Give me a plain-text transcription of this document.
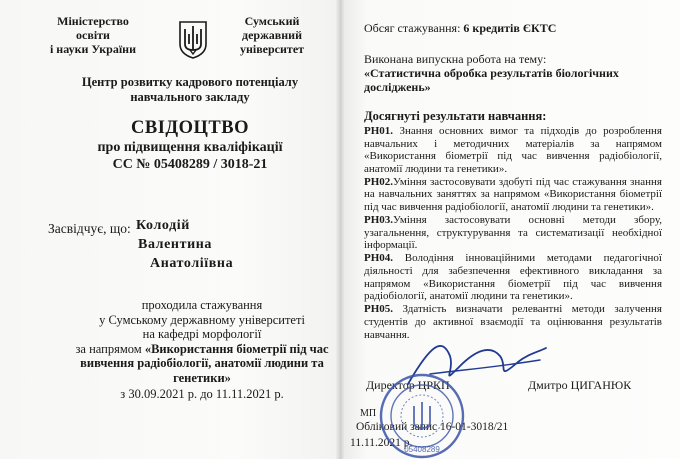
Міністерство
освіти
і науки України
Сумський
державний
університет
Центр розвитку кадрового потенціалу
навчального закладу
СВІДОЦТВО
про підвищення кваліфікації
СС № 05408289 / 3018-21
Засвідчує, що: Колодій
Валентина
Анатоліївна
проходила стажування
у Сумському державному університеті
на кафедрі морфології
за напрямом «Використання біометрії під час вивчення радіобіології, анатомії людини та генетики»
з 30.09.2021 р. до 11.11.2021 р.
Обсяг стажування: 6 кредитів ЄКТС
Виконана випускна робота на тему:
«Статистична обробка результатів біологічних досліджень»
Досягнуті результати навчання:

РН01. Знання основних вимог та підходів до розроблення навчальних і методичних матеріалів за напрямом «Використання біометрії під час вивчення радіобіології, анатомії людини та генетики».

РН02.Уміння застосовувати здобуті під час стажування знання на навчальних заняттях за напрямом «Використання біометрії під час вивчення радіобіології, анатомії людини та генетики».

РН03.Уміння застосовувати основні методи збору, узагальнення, структурування та систематизації необхідної інформації.

РН04. Володіння інноваційними методами педагогічної діяльності для забезпечення ефективного викладання за напрямом «Використання біометрії під час вивчення радіобіології, анатомії людини та генетики».

РН05. Здатність визначати релевантні методи залучення студентів до активної взаємодії та оцінювання результатів навчання.

Директор ЦРКП	Дмитро ЦИГАНЮК
МП
Обліковий запис 16-01-3018/21
11.11.2021 р.
05408289
